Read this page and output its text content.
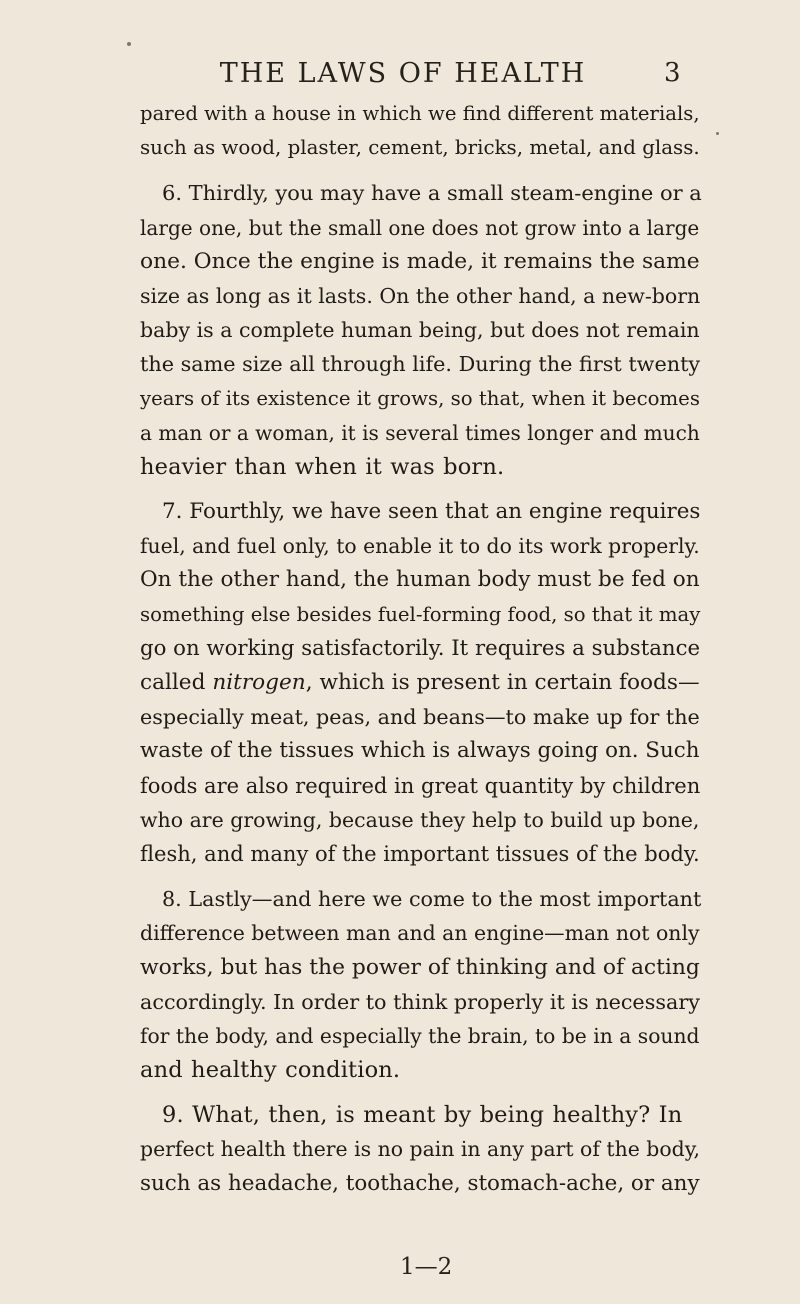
THE LAWS OF HEALTH	3
pared with a house in which we find different materials,
such as wood, plaster, cement, bricks, metal, and glass.
6. Thirdly, you may have a small steam-engine or a
large one, but the small one does not grow into a large
one. Once the engine is made, it remains the same
size as long as it lasts. On the other hand, a new-born
baby is a complete human being, but does not remain
the same size all through life. During the first twenty
years of its existence it grows, so that, when it becomes
a man or a woman, it is several times longer and much
heavier than when it was born.
7. Fourthly, we have seen that an engine requires
fuel, and fuel only, to enable it to do its work properly.
On the other hand, the human body must be fed on
something else besides fuel-forming food, so that it may
go on working satisfactorily. It requires a substance
called nitrogen, which is present in certain foods—
especially meat, peas, and beans—to make up for the
waste of the tissues which is always going on. Such
foods are also required in great quantity by children
who are growing, because they help to build up bone,
flesh, and many of the important tissues of the body.
8. Lastly—and here we come to the most important
difference between man and an engine—man not only
works, but has the power of thinking and of acting
accordingly. In order to think properly it is necessary
for the body, and especially the brain, to be in a sound
and healthy condition.
9. What, then, is meant by being healthy? In
perfect health there is no pain in any part of the body,
such as headache, toothache, stomach-ache, or any
1—2
